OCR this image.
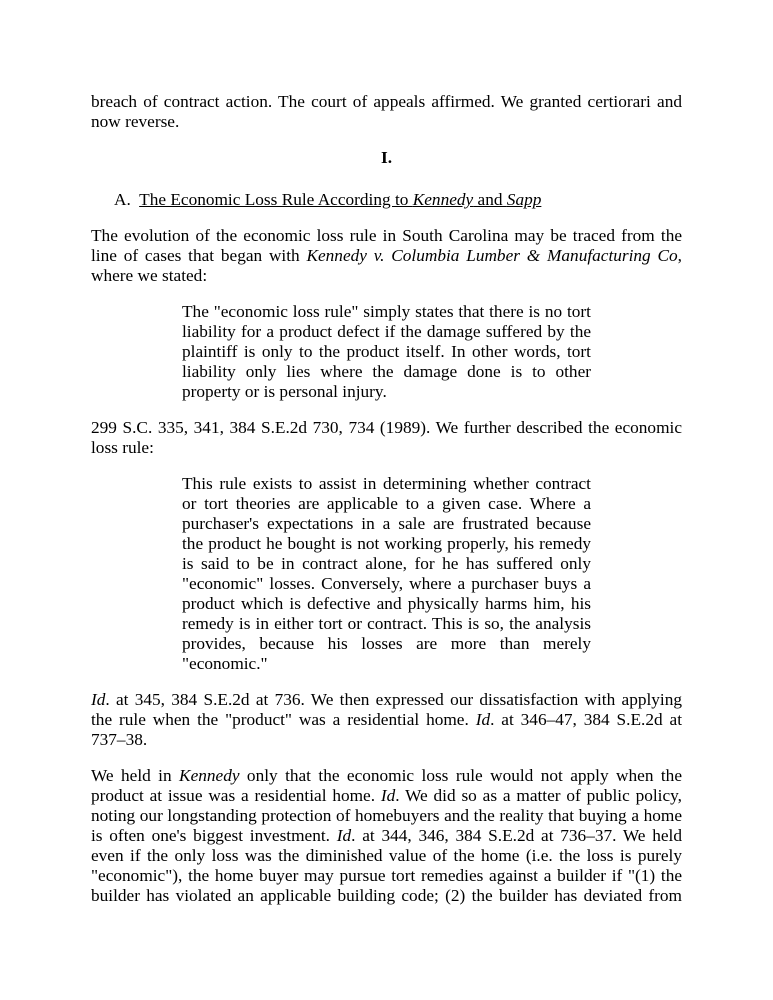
breach of contract action. The court of appeals affirmed. We granted certiorari and
now reverse.

I.

A. The Economic Loss Rule According to Kennedy and Sapp

The evolution of the economic loss rule in South Carolina may be traced from the
line of cases that began with Kennedy v. Columbia Lumber & Manufacturing Co,
where we stated:

The "economic loss rule" simply states that there is no tort
liability for a product defect if the damage suffered by the
plaintiff is only to the product itself. In other words, tort
liability only lies where the damage done is to other
property or is personal injury.

299 S.C. 335, 341, 384 S.E.2d 730, 734 (1989). We further described the economic
loss rule:

This rule exists to assist in determining whether contract
or tort theories are applicable to a given case. Where a
purchaser's expectations in a sale are frustrated because
the product he bought is not working properly, his remedy
is said to be in contract alone, for he has suffered only
"economic" losses. Conversely, where a purchaser buys a
product which is defective and physically harms him, his
remedy is in either tort or contract. This is so, the analysis
provides, because his losses are more than merely
"economic."

Id. at 345, 384 S.E.2d at 736. We then expressed our dissatisfaction with applying
the rule when the "product" was a residential home. Id. at 346–47, 384 S.E.2d at
737–38.

We held in Kennedy only that the economic loss rule would not apply when the
product at issue was a residential home. Id. We did so as a matter of public policy,
noting our longstanding protection of homebuyers and the reality that buying a home
is often one's biggest investment. Id. at 344, 346, 384 S.E.2d at 736–37. We held
even if the only loss was the diminished value of the home (i.e. the loss is purely
"economic"), the home buyer may pursue tort remedies against a builder if "(1) the
builder has violated an applicable building code; (2) the builder has deviated from
